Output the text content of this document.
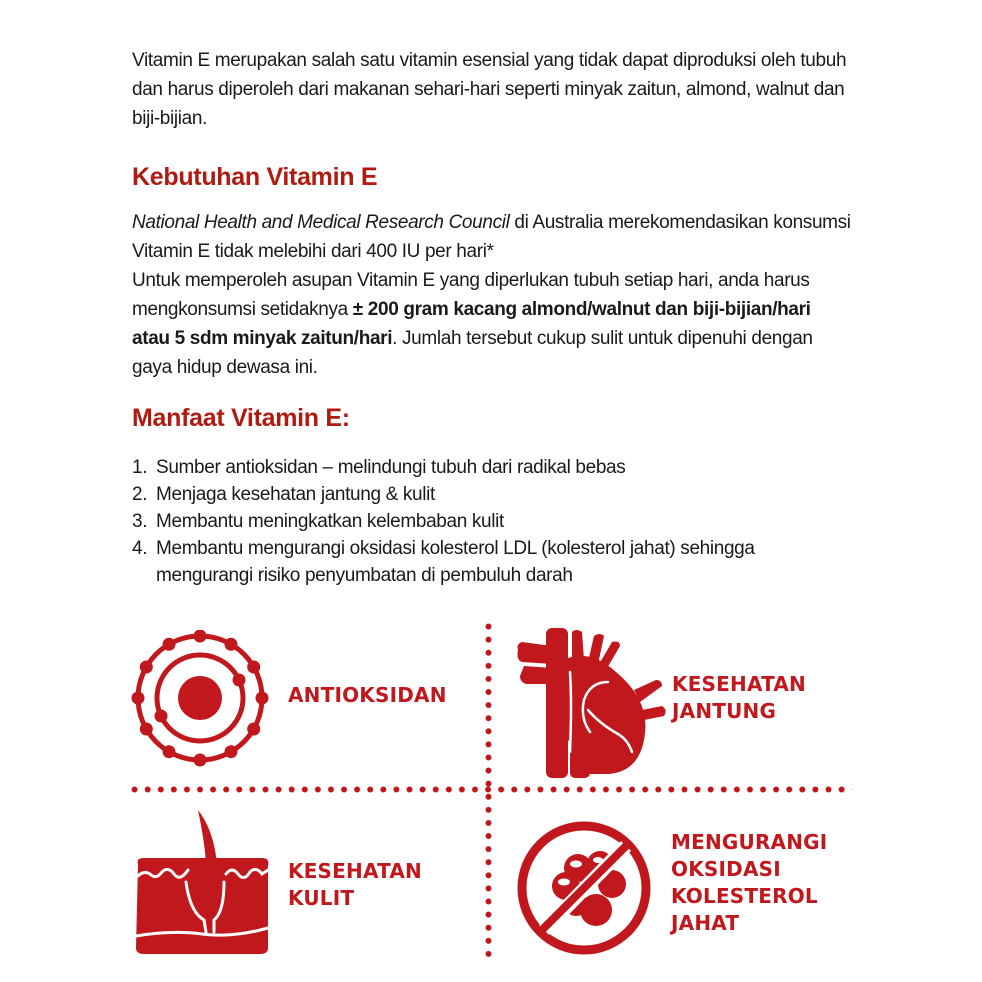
Vitamin E merupakan salah satu vitamin esensial yang tidak dapat diproduksi oleh tubuh dan harus diperoleh dari makanan sehari-hari seperti minyak zaitun, almond, walnut dan biji-bijian.

Kebutuhan Vitamin E

National Health and Medical Research Council di Australia merekomendasikan konsumsi Vitamin E tidak melebihi dari 400 IU per hari*

Untuk memperoleh asupan Vitamin E yang diperlukan tubuh setiap hari, anda harus mengkonsumsi setidaknya ± 200 gram kacang almond/walnut dan biji-bijian/hari atau 5 sdm minyak zaitun/hari. Jumlah tersebut cukup sulit untuk dipenuhi dengan gaya hidup dewasa ini.

Manfaat Vitamin E:
1. Sumber antioksidan – melindungi tubuh dari radikal bebas
2. Menjaga kesehatan jantung & kulit
3. Membantu meningkatkan kelembaban kulit
4. Membantu mengurangi oksidasi kolesterol LDL (kolesterol jahat) sehingga mengurangi risiko penyumbatan di pembuluh darah
ANTIOKSIDAN	KESEHATAN
JANTUNG
KESEHATAN
KULIT
MENGURANGI
OKSIDASI
KOLESTEROL
JAHAT
